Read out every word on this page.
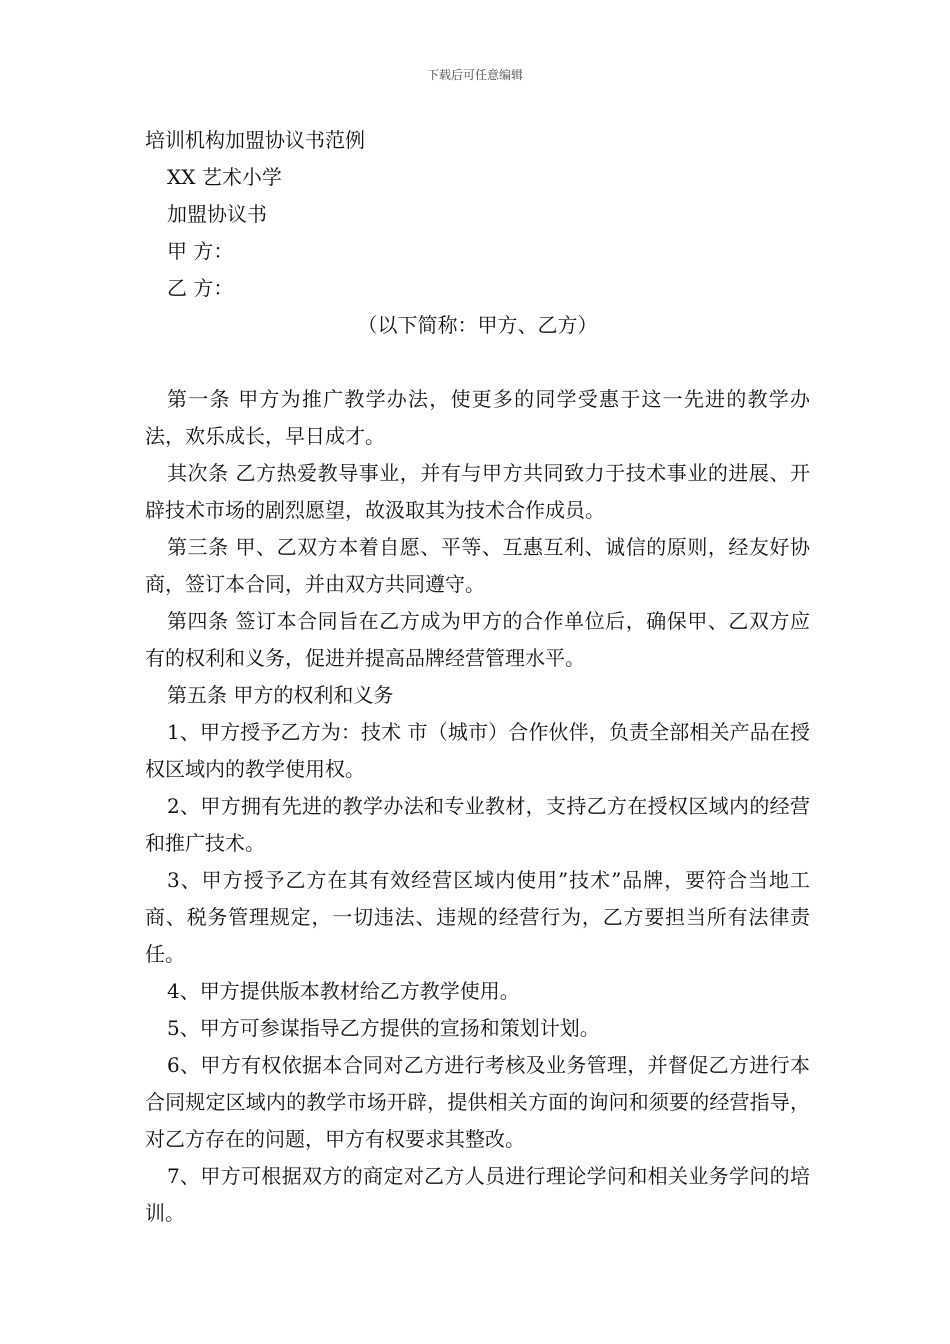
下载后可任意编辑
培训机构加盟协议书范例
XX 艺术小学
加盟协议书
甲 方：
乙 方：
（以下简称：甲方、乙方）

第一条 甲方为推广教学办法，使更多的同学受惠于这一先进的教学办法，欢乐成长，早日成才。

其次条 乙方热爱教导事业，并有与甲方共同致力于技术事业的进展、开辟技术市场的剧烈愿望，故汲取其为技术合作成员。

第三条 甲、乙双方本着自愿、平等、互惠互利、诚信的原则，经友好协商，签订本合同，并由双方共同遵守。

第四条 签订本合同旨在乙方成为甲方的合作单位后，确保甲、乙双方应有的权利和义务，促进并提高品牌经营管理水平。

第五条 甲方的权利和义务

1、甲方授予乙方为：技术 市（城市）合作伙伴，负责全部相关产品在授权区域内的教学使用权。

2、甲方拥有先进的教学办法和专业教材，支持乙方在授权区域内的经营和推广技术。

3、甲方授予乙方在其有效经营区域内使用”技术”品牌，要符合当地工商、税务管理规定，一切违法、违规的经营行为，乙方要担当所有法律责任。

4、甲方提供版本教材给乙方教学使用。

5、甲方可参谋指导乙方提供的宣扬和策划计划。

6、甲方有权依据本合同对乙方进行考核及业务管理，并督促乙方进行本合同规定区域内的教学市场开辟，提供相关方面的询问和须要的经营指导，对乙方存在的问题，甲方有权要求其整改。

7、甲方可根据双方的商定对乙方人员进行理论学问和相关业务学问的培训。
